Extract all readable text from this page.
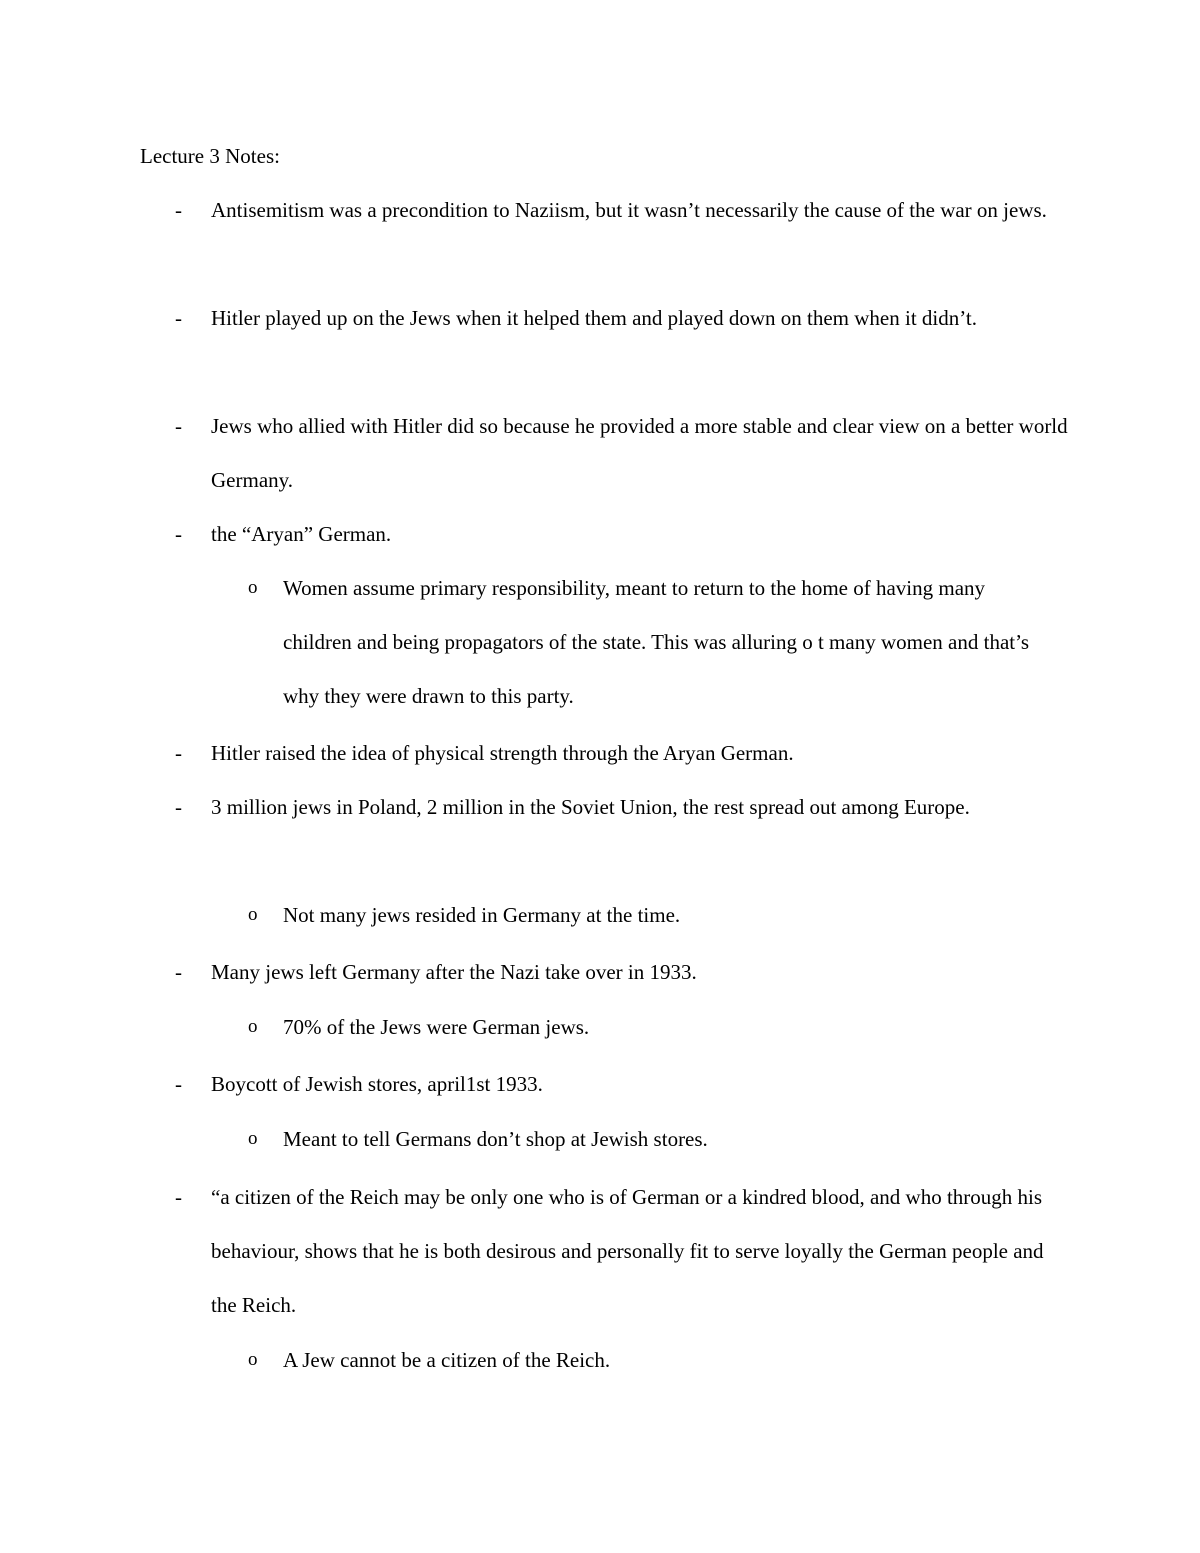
Lecture 3 Notes:
- Antisemitism was a precondition to Naziism, but it wasn’t necessarily the cause of the war on jews.
- Hitler played up on the Jews when it helped them and played down on them when it didn’t.
- Jews who allied with Hitler did so because he provided a more stable and clear view on a better world Germany.
- the “Aryan” German.
o Women assume primary responsibility, meant to return to the home of having many children and being propagators of the state. This was alluring o t many women and that’s why they were drawn to this party.
- Hitler raised the idea of physical strength through the Aryan German.
- 3 million jews in Poland, 2 million in the Soviet Union, the rest spread out among Europe.
o Not many jews resided in Germany at the time.
- Many jews left Germany after the Nazi take over in 1933.
o 70% of the Jews were German jews.
- Boycott of Jewish stores, april1st 1933.
o Meant to tell Germans don’t shop at Jewish stores.
- “a citizen of the Reich may be only one who is of German or a kindred blood, and who through his behaviour, shows that he is both desirous and personally fit to serve loyally the German people and the Reich.
o A Jew cannot be a citizen of the Reich.
